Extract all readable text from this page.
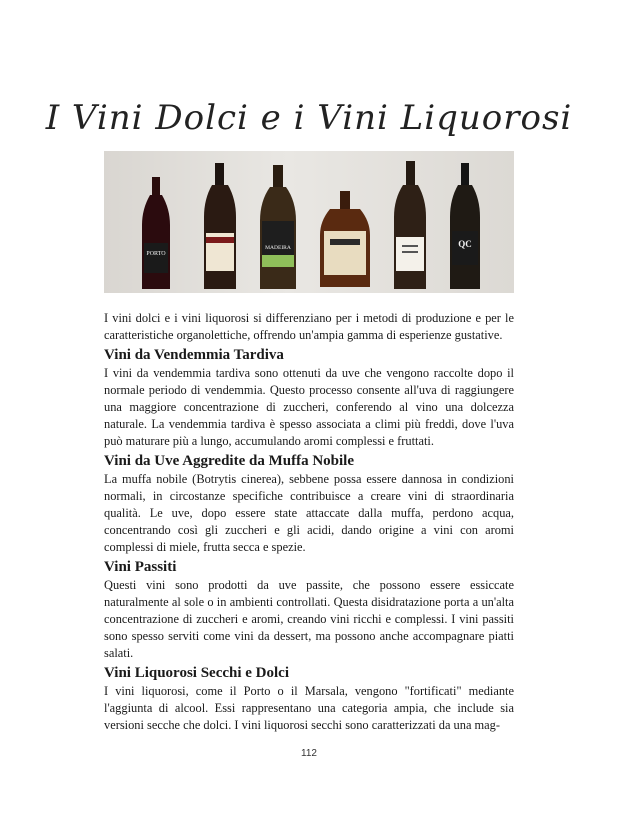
I Vini Dolci e i Vini Liquorosi
PORTO
MADEIRA	QC

I vini dolci e i vini liquorosi si differenziano per i metodi di produzione e per le caratteristiche organolettiche, offrendo un'ampia gamma di esperienze gustative.

Vini da Vendemmia Tardiva

I vini da vendemmia tardiva sono ottenuti da uve che vengono raccolte dopo il normale periodo di vendemmia. Questo processo consente all'uva di raggiungere una maggiore concentrazione di zuccheri, conferendo al vino una dolcezza naturale. La vendemmia tardiva è spesso associata a climi più freddi, dove l'uva può maturare più a lungo, accumulando aromi complessi e fruttati.

Vini da Uve Aggredite da Muffa Nobile

La muffa nobile (Botrytis cinerea), sebbene possa essere dannosa in condizioni normali, in circostanze specifiche contribuisce a creare vini di straordinaria qualità. Le uve, dopo essere state attaccate dalla muffa, perdono acqua, concentrando così gli zuccheri e gli acidi, dando origine a vini con aromi complessi di miele, frutta secca e spezie.

Vini Passiti

Questi vini sono prodotti da uve passite, che possono essere essiccate naturalmente al sole o in ambienti controllati. Questa disidratazione porta a un'alta concentrazione di zuccheri e aromi, creando vini ricchi e complessi. I vini passiti sono spesso serviti come vini da dessert, ma possono anche accompagnare piatti salati.

Vini Liquorosi Secchi e Dolci

I vini liquorosi, come il Porto o il Marsala, vengono "fortificati" mediante l'aggiunta di alcool. Essi rappresentano una categoria ampia, che include sia versioni secche che dolci. I vini liquorosi secchi sono caratterizzati da una mag-

112
